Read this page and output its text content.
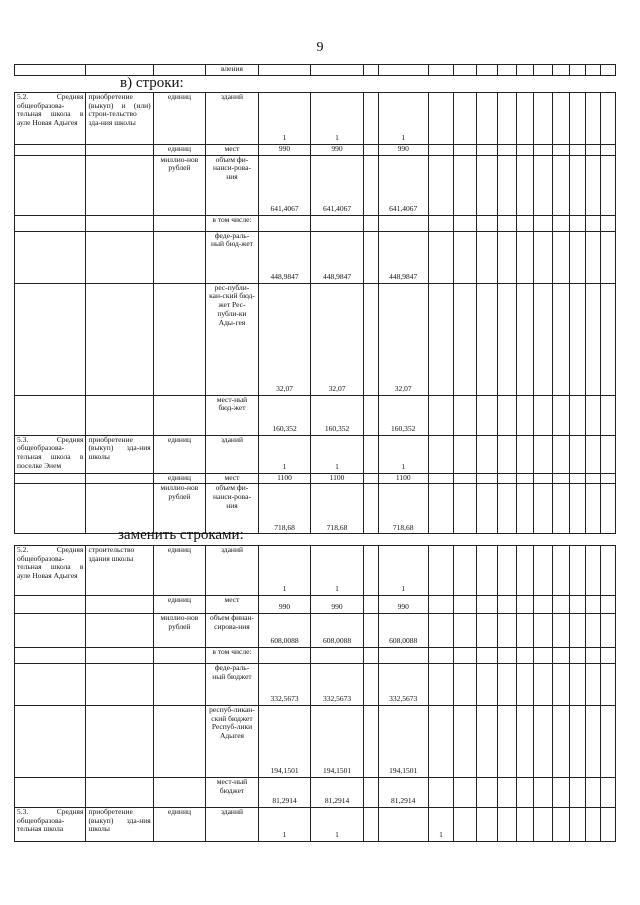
9
			вления														
в) строки:
5.2. Средняя общеобразова-тельная школа в ауле Новая Адыгея	приобретение (выкуп) и (или) строи-тельство зда-ния школы	единиц	зданий	1	1		1										
		единиц	мест	990	990		990										
		миллио-нов рублей	объем фи-нанси-рова-ния	641,4067	641,4067		641,4067										
			в том числе:														
			феде-раль-ный бюд-жет	448,9847	448,9847		448,9847										
			рес-публи-кан-ский бюд-жет Рес-публи-ки Ады-гея	32,07	32,07		32,07										
			мест-ный бюд-жет	160,352	160,352		160,352										
5.3. Средняя общеобразова-тельная школа в поселке Энем	приобретение (выкуп) зда-ния школы	единиц	зданий	1	1		1										
		единиц	мест	1100	1100		1100										
		миллио-нов рублей	объем фи-нанси-рова-ния	718,68	718,68		718,68										
заменить строками:
5.2. Средняя общеобразова-тельная школа в ауле Новая Адыгея	строительство здания школы	единиц	зданий	1	1		1										
		единиц	мест	990	990		990										
		миллио-нов рублей	объем финан-сирова-ния	608,0088	608,0088		608,0088										
			в том числе:														
			феде-раль-ный бюджет	332,5673	332,5673		332,5673										
			респуб-ликан-ский бюджет Респуб-лики Адыгея	194,1501	194,1501		194,1501										
			мест-ный бюджет	81,2914	81,2914		81,2914										
5.3. Средняя общеобразова-тельная школа	приобретение (выкуп) зда-ния школы	единиц	зданий	1	1			1									
